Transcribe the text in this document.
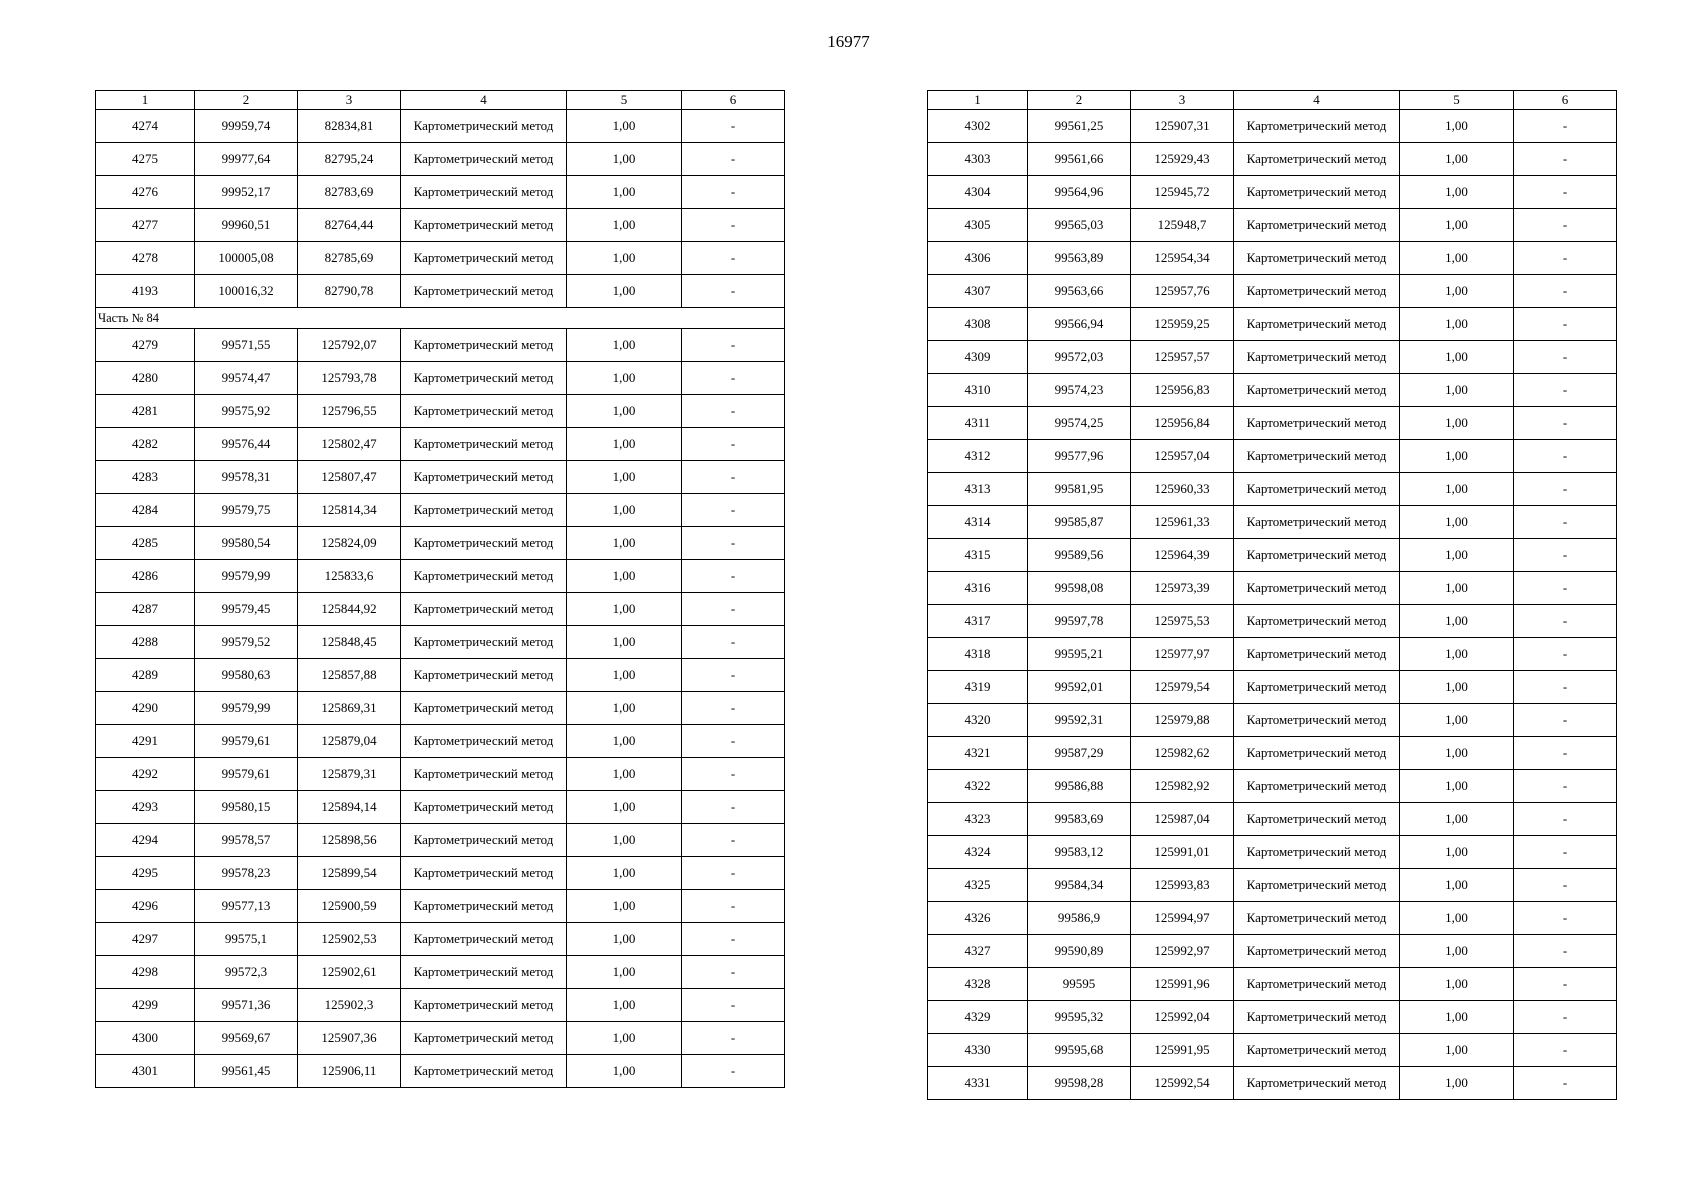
16977
1	2	3	4	5	6
4274	99959,74	82834,81	Картометрический метод	1,00	-
4275	99977,64	82795,24	Картометрический метод	1,00	-
4276	99952,17	82783,69	Картометрический метод	1,00	-
4277	99960,51	82764,44	Картометрический метод	1,00	-
4278	100005,08	82785,69	Картометрический метод	1,00	-
4193	100016,32	82790,78	Картометрический метод	1,00	-
Часть № 84					
4279	99571,55	125792,07	Картометрический метод	1,00	-
4280	99574,47	125793,78	Картометрический метод	1,00	-
4281	99575,92	125796,55	Картометрический метод	1,00	-
4282	99576,44	125802,47	Картометрический метод	1,00	-
4283	99578,31	125807,47	Картометрический метод	1,00	-
4284	99579,75	125814,34	Картометрический метод	1,00	-
4285	99580,54	125824,09	Картометрический метод	1,00	-
4286	99579,99	125833,6	Картометрический метод	1,00	-
4287	99579,45	125844,92	Картометрический метод	1,00	-
4288	99579,52	125848,45	Картометрический метод	1,00	-
4289	99580,63	125857,88	Картометрический метод	1,00	-
4290	99579,99	125869,31	Картометрический метод	1,00	-
4291	99579,61	125879,04	Картометрический метод	1,00	-
4292	99579,61	125879,31	Картометрический метод	1,00	-
4293	99580,15	125894,14	Картометрический метод	1,00	-
4294	99578,57	125898,56	Картометрический метод	1,00	-
4295	99578,23	125899,54	Картометрический метод	1,00	-
4296	99577,13	125900,59	Картометрический метод	1,00	-
4297	99575,1	125902,53	Картометрический метод	1,00	-
4298	99572,3	125902,61	Картометрический метод	1,00	-
4299	99571,36	125902,3	Картометрический метод	1,00	-
4300	99569,67	125907,36	Картометрический метод	1,00	-
4301	99561,45	125906,11	Картометрический метод	1,00	-
1	2	3	4	5	6
4302	99561,25	125907,31	Картометрический метод	1,00	-
4303	99561,66	125929,43	Картометрический метод	1,00	-
4304	99564,96	125945,72	Картометрический метод	1,00	-
4305	99565,03	125948,7	Картометрический метод	1,00	-
4306	99563,89	125954,34	Картометрический метод	1,00	-
4307	99563,66	125957,76	Картометрический метод	1,00	-
4308	99566,94	125959,25	Картометрический метод	1,00	-
4309	99572,03	125957,57	Картометрический метод	1,00	-
4310	99574,23	125956,83	Картометрический метод	1,00	-
4311	99574,25	125956,84	Картометрический метод	1,00	-
4312	99577,96	125957,04	Картометрический метод	1,00	-
4313	99581,95	125960,33	Картометрический метод	1,00	-
4314	99585,87	125961,33	Картометрический метод	1,00	-
4315	99589,56	125964,39	Картометрический метод	1,00	-
4316	99598,08	125973,39	Картометрический метод	1,00	-
4317	99597,78	125975,53	Картометрический метод	1,00	-
4318	99595,21	125977,97	Картометрический метод	1,00	-
4319	99592,01	125979,54	Картометрический метод	1,00	-
4320	99592,31	125979,88	Картометрический метод	1,00	-
4321	99587,29	125982,62	Картометрический метод	1,00	-
4322	99586,88	125982,92	Картометрический метод	1,00	-
4323	99583,69	125987,04	Картометрический метод	1,00	-
4324	99583,12	125991,01	Картометрический метод	1,00	-
4325	99584,34	125993,83	Картометрический метод	1,00	-
4326	99586,9	125994,97	Картометрический метод	1,00	-
4327	99590,89	125992,97	Картометрический метод	1,00	-
4328	99595	125991,96	Картометрический метод	1,00	-
4329	99595,32	125992,04	Картометрический метод	1,00	-
4330	99595,68	125991,95	Картометрический метод	1,00	-
4331	99598,28	125992,54	Картометрический метод	1,00	-
